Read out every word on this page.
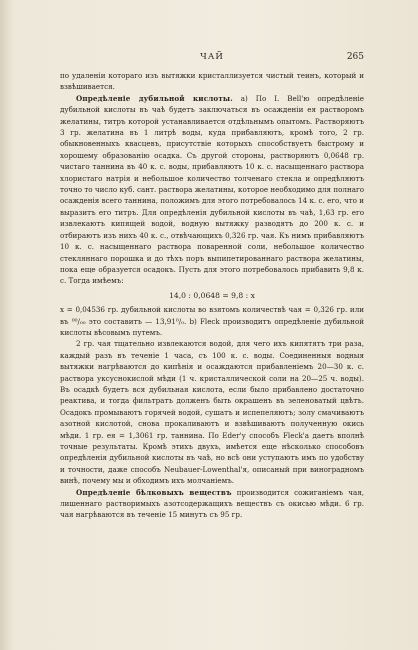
ЧАЙ	265

по удаленiи котораго изъ вытяжки кристаллизуется чистый теинъ, который и взвѣшивается.

Опредѣленiе дубильной кислоты. а) По I. Bell'ю опредѣленiе дубильной кислоты въ чаѣ будетъ заключаться въ осажденiи ея растворомъ желатины, титръ которой устанавливается отдѣльнымъ опытомъ. Растворяютъ 3 гр. желатина въ 1 литрѣ воды, куда прибавляютъ, кромѣ того, 2 гр. обыкновенныхъ квасцевъ, присутствiе которыхъ способствуетъ быстрому и хорошему образованiю осадка. Съ другой стороны, растворяютъ 0,0648 гр. чистаго таннина въ 40 к. с. воды, прибавляютъ 10 к. с. насыщеннаго раствора хлористаго натрiя и небольшое количество толченаго стекла и опредѣляютъ точно то число куб. сант. раствора желатины, которое необходимо для полнаго осажденiя всего таннина, положимъ для этого потребовалось 14 к. с. его, что и выразитъ его титръ. Для опредѣленiя дубильной кислоты въ чаѣ, 1,63 гр. его извлекаютъ кипящей водой, водную вытяжку разводятъ до 200 к. с. и отбираютъ изъ нихъ 40 к. с., отвѣчающихъ 0,326 гр. чая. Къ нимъ прибавляютъ 10 к. с. насыщеннаго раствора поваренной соли, небольшое количество стекляннаго порошка и до тѣхъ поръ выпипетированнаго раствора желатины, пока еще образуется осадокъ. Пусть для этого потребовалось прибавить 9,8 к. с. Тогда имѣемъ:

14,0 : 0,0648 = 9,8 : x

x = 0,04536 гр. дубильной кислоты во взятомъ количествѣ чая = 0,326 гр. или въ ⁰⁰/₀₀ это составитъ — 13,91⁰/₀. b) Fleck производитъ опредѣленiе дубильной кислоты вѣсовымъ путемъ.

2 гр. чая тщательно извлекаются водой, для чего ихъ кипятятъ три раза, каждый разъ въ теченiе 1 часа, съ 100 к. с. воды. Соединенныя водныя вытяжки нагрѣваются до кипѣнiя и осаждаются прибавленiемъ 20—30 к. с. раствора уксуснокислой мѣди (1 ч. кристаллической соли на 20—25 ч. воды). Въ осадкѣ будетъ вся дубильная кислота, если было прибавлено достаточно реактива, и тогда фильтратъ долженъ быть окрашенъ въ зеленоватый цвѣтъ. Осадокъ промываютъ горячей водой, сушатъ и испепеляютъ; золу смачиваютъ азотной кислотой, снова прокаливаютъ и взвѣшиваютъ полученную окись мѣди. 1 гр. ея = 1,3061 гр. таннина. По Eder'у способъ Fleck'а даетъ вполнѣ точные результаты. Кромѣ этихъ двухъ, имѣется еще нѣсколько способовъ опредѣленiя дубильной кислоты въ чаѣ, но всѣ они уступаютъ имъ по удобству и точности, даже способъ Neubauer-Lowenthal'я, описаный при виноградномъ винѣ, почему мы и обходимъ ихъ молчанiемъ.

Опредѣленiе бѣлковыхъ веществъ производится сожиганiемъ чая, лишеннаго растворимыхъ азотсодержащихъ веществъ съ окисью мѣди. 6 гр. чая нагрѣваются въ теченiе 15 минутъ съ 95 гр.
